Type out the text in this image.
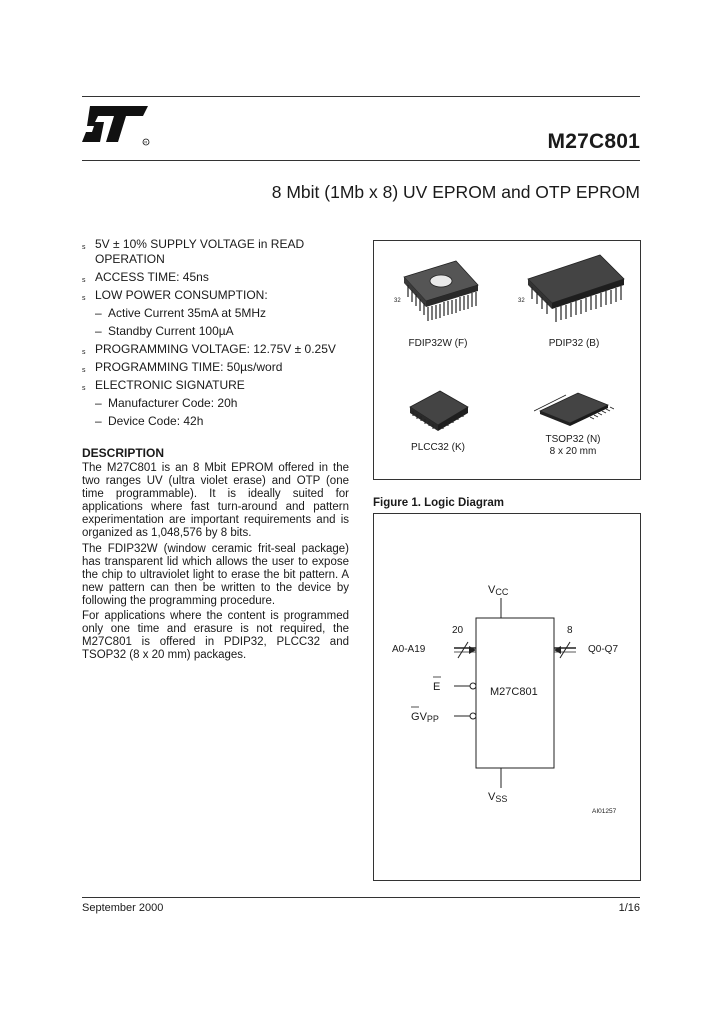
R	M27C801
8 Mbit (1Mb x 8) UV EPROM and OTP EPROM
s 5V ± 10% SUPPLY VOLTAGE in READ OPERATION
s ACCESS TIME: 45ns
s LOW POWER CONSUMPTION:
– Active Current 35mA at 5MHz
– Standby Current 100µA
s PROGRAMMING VOLTAGE: 12.75V ± 0.25V
s PROGRAMMING TIME: 50µs/word
s ELECTRONIC SIGNATURE
– Manufacturer Code: 20h
– Device Code: 42h
DESCRIPTION
The M27C801 is an 8 Mbit EPROM offered in the two ranges UV (ultra violet erase) and OTP (one time programmable). It is ideally suited for applications where fast turn-around and pattern experimentation are important requirements and is organized as 1,048,576 by 8 bits.
The FDIP32W (window ceramic frit-seal package) has transparent lid which allows the user to expose the chip to ultraviolet light to erase the bit pattern. A new pattern can then be written to the device by following the programming procedure.
For applications where the content is programmed only one time and erasure is not required, the M27C801 is offered in PDIP32, PLCC32 and TSOP32 (8 x 20 mm) packages.
32
FDIP32W (F)
32
PDIP32 (B)
PLCC32 (K)
TSOP32 (N)
8 x 20 mm
Figure 1. Logic Diagram
M27C801
VCC
VSS
20
A0-A19
8
Q0-Q7
E
GVPP
AI01257
September 2000	1/16
